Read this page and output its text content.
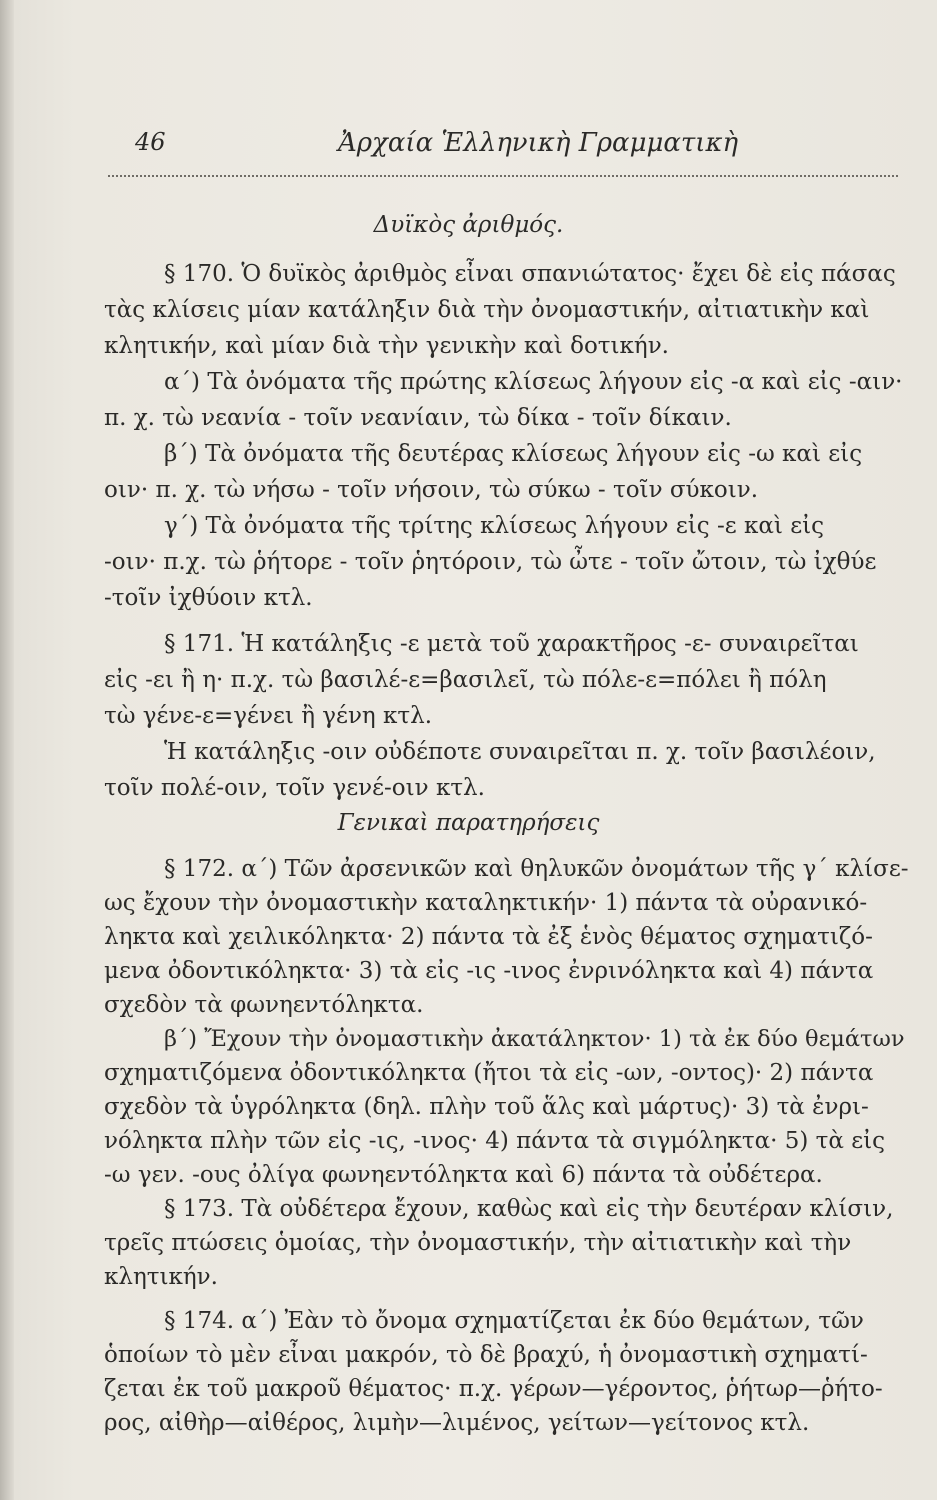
46	Ἀρχαία Ἑλληνικὴ Γραμματικὴ
Δυϊκὸς ἀριθμός.
§ 170. Ὁ δυϊκὸς ἀριθμὸς εἶναι σπανιώτατος· ἔχει δὲ εἰς πάσας
τὰς κλίσεις μίαν κατάληξιν διὰ τὴν ὀνομαστικήν, αἰτιατικὴν καὶ
κλητικήν, καὶ μίαν διὰ τὴν γενικὴν καὶ δοτικήν.
α΄) Τὰ ὀνόματα τῆς πρώτης κλίσεως λήγουν εἰς -α καὶ εἰς -αιν·
π. χ. τὼ νεανία - τοῖν νεανίαιν, τὼ δίκα - τοῖν δίκαιν.
β΄) Τὰ ὀνόματα τῆς δευτέρας κλίσεως λήγουν εἰς -ω καὶ εἰς
οιν· π. χ. τὼ νήσω - τοῖν νήσοιν, τὼ σύκω - τοῖν σύκοιν.
γ΄) Τὰ ὀνόματα τῆς τρίτης κλίσεως λήγουν εἰς -ε καὶ εἰς
-οιν· π.χ. τὼ ῥήτορε - τοῖν ῥητόροιν, τὼ ὦτε - τοῖν ὤτοιν, τὼ ἰχθύε
-τοῖν ἰχθύοιν κτλ.
§ 171. Ἡ κατάληξις -ε μετὰ τοῦ χαρακτῆρος -ε- συναιρεῖται
εἰς -ει ἢ η· π.χ. τὼ βασιλέ-ε=βασιλεῖ, τὼ πόλε-ε=πόλει ἢ πόλη
τὼ γένε-ε=γένει ἢ γένη κτλ.
Ἡ κατάληξις -οιν οὐδέποτε συναιρεῖται π. χ. τοῖν βασιλέοιν,
τοῖν πολέ-οιν, τοῖν γενέ-οιν κτλ.
Γενικαὶ παρατηρήσεις
§ 172. α΄) Τῶν ἀρσενικῶν καὶ θηλυκῶν ὀνομάτων τῆς γ΄ κλίσε-
ως ἔχουν τὴν ὀνομαστικὴν καταληκτικήν· 1) πάντα τὰ οὐρανικό-
ληκτα καὶ χειλικόληκτα· 2) πάντα τὰ ἐξ ἑνὸς θέματος σχηματιζό-
μενα ὀδοντικόληκτα· 3) τὰ εἰς -ις -ινος ἐνρινόληκτα καὶ 4) πάντα
σχεδὸν τὰ φωνηεντόληκτα.
β΄) Ἔχουν τὴν ὀνομαστικὴν ἀκατάληκτον· 1) τὰ ἐκ δύο θεμάτων
σχηματιζόμενα ὀδοντικόληκτα (ἤτοι τὰ εἰς -ων, -οντος)· 2) πάντα
σχεδὸν τὰ ὑγρόληκτα (δηλ. πλὴν τοῦ ἅλς καὶ μάρτυς)· 3) τὰ ἐνρι-
νόληκτα πλὴν τῶν εἰς -ις, -ινος· 4) πάντα τὰ σιγμόληκτα· 5) τὰ εἰς
-ω γεν. -ους ὀλίγα φωνηεντόληκτα καὶ 6) πάντα τὰ οὐδέτερα.
§ 173. Τὰ οὐδέτερα ἔχουν, καθὼς καὶ εἰς τὴν δευτέραν κλίσιν,
τρεῖς πτώσεις ὁμοίας, τὴν ὀνομαστικήν, τὴν αἰτιατικὴν καὶ τὴν
κλητικήν.
§ 174. α΄) Ἐὰν τὸ ὄνομα σχηματίζεται ἐκ δύο θεμάτων, τῶν
ὁποίων τὸ μὲν εἶναι μακρόν, τὸ δὲ βραχύ, ἡ ὀνομαστικὴ σχηματί-
ζεται ἐκ τοῦ μακροῦ θέματος· π.χ. γέρων—γέροντος, ῥήτωρ—ῥήτο-
ρος, αἰθὴρ—αἰθέρος, λιμὴν—λιμένος, γείτων—γείτονος κτλ.
